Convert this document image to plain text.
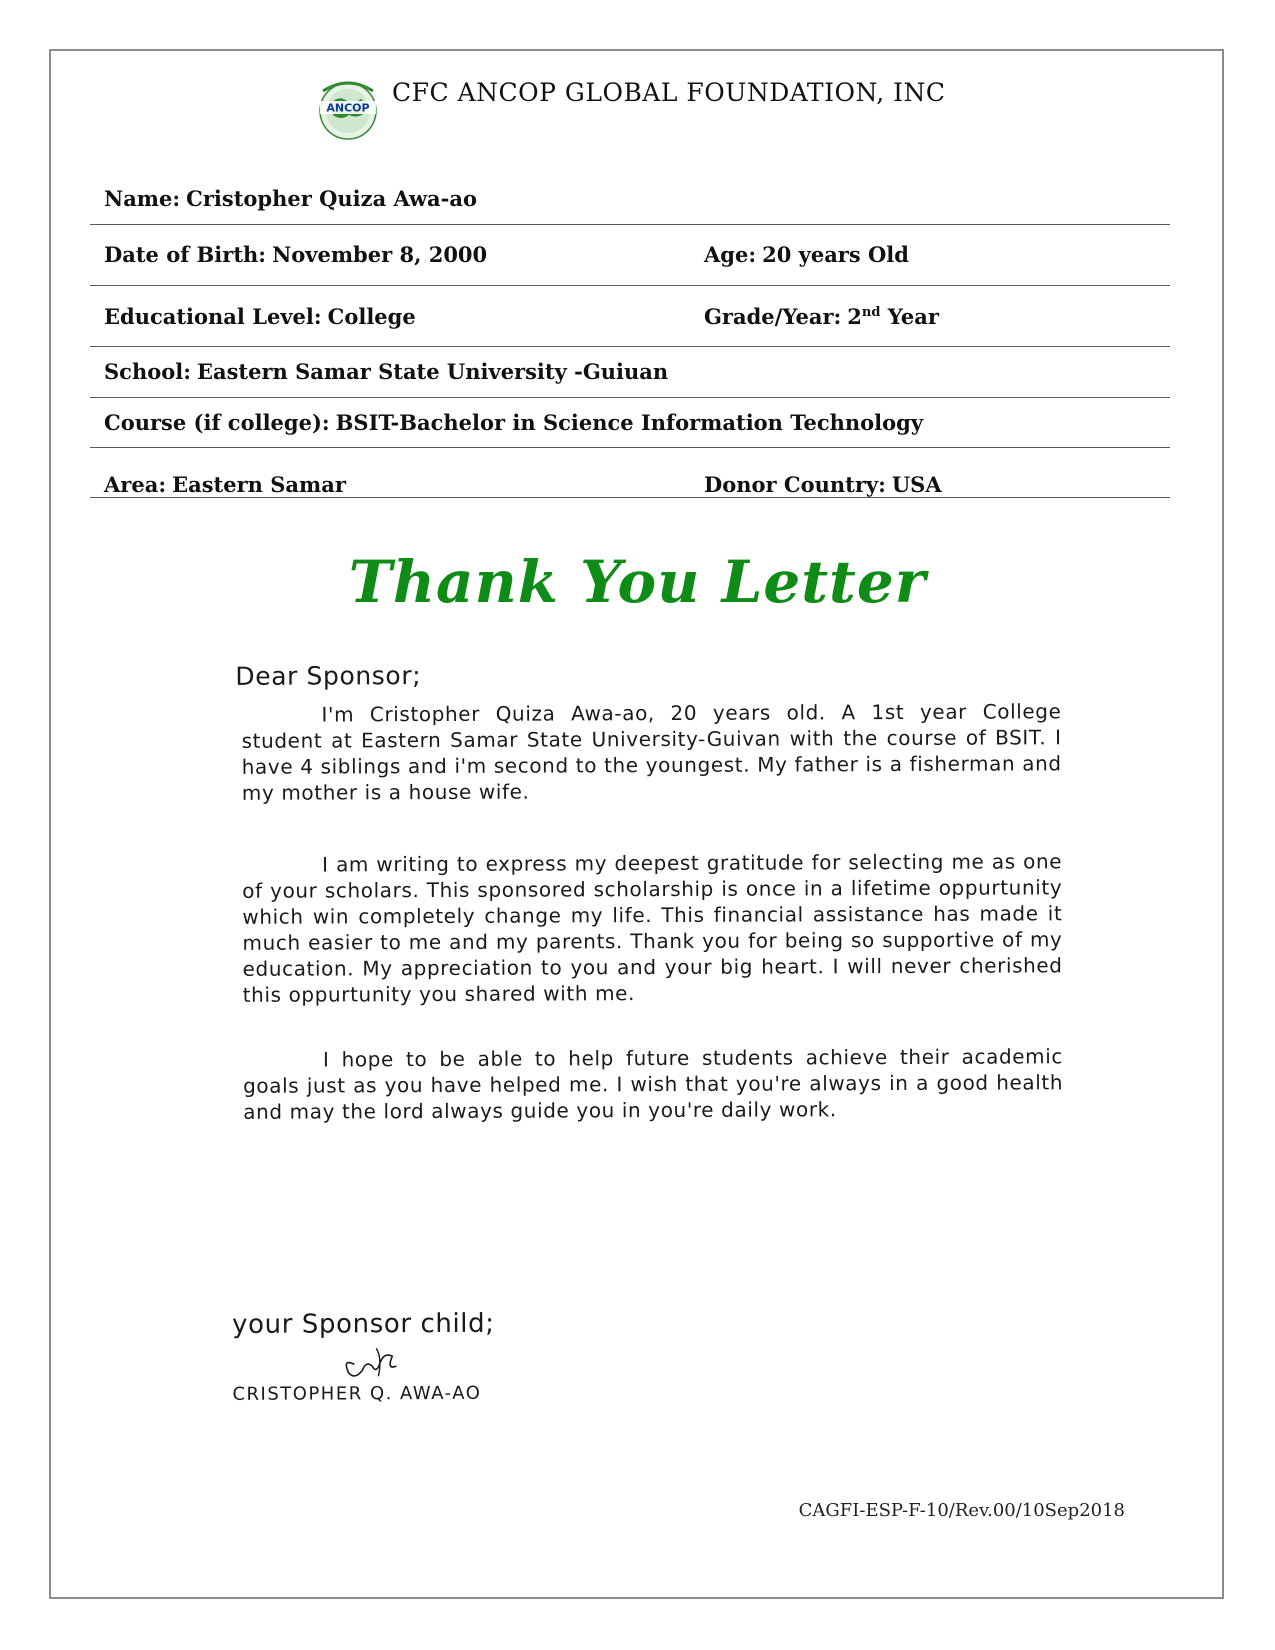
ANCOP
CFC ANCOP GLOBAL FOUNDATION, INC
Name: Cristopher Quiza Awa-ao
Date of Birth: November 8, 2000	Age: 20 years Old
Educational Level: College	Grade/Year: 2nd Year
School: Eastern Samar State University -Guiuan
Course (if college): BSIT-Bachelor in Science Information Technology
Area: Eastern Samar	Donor Country: USA
Thank You Letter
Dear Sponsor;
I'm Cristopher Quiza Awa-ao, 20 years old. A 1st year College student at Eastern Samar State University-Guivan with the course of BSIT. I have 4 siblings and i'm second to the youngest. My father is a fisherman and my mother is a house wife.
I am writing to express my deepest gratitude for selecting me as one of your scholars. This sponsored scholarship is once in a lifetime oppurtunity which win completely change my life. This financial assistance has made it much easier to me and my parents. Thank you for being so supportive of my education. My appreciation to you and your big heart. I will never cherished this oppurtunity you shared with me.
I hope to be able to help future students achieve their academic goals just as you have helped me. I wish that you're always in a good health and may the lord always guide you in you're daily work.
your Sponsor child;
CRISTOPHER Q. AWA-AO
CAGFI-ESP-F-10/Rev.00/10Sep2018
